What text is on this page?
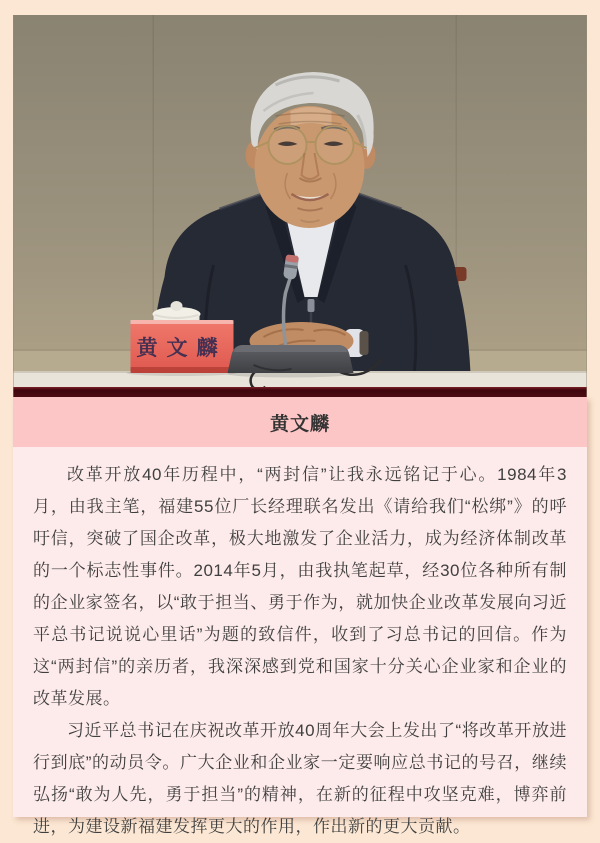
黄文麟
黄文麟

改革开放40年历程中，“两封信”让我永远铭记于心。1984年3月，由我主笔，福建55位厂长经理联名发出《请给我们“松绑”》的呼吁信，突破了国企改革，极大地激发了企业活力，成为经济体制改革的一个标志性事件。2014年5月，由我执笔起草，经30位各种所有制的企业家签名，以“敢于担当、勇于作为，就加快企业改革发展向习近平总书记说说心里话”为题的致信件，收到了习总书记的回信。作为这“两封信”的亲历者，我深深感到党和国家十分关心企业家和企业的改革发展。

习近平总书记在庆祝改革开放40周年大会上发出了“将改革开放进行到底”的动员令。广大企业和企业家一定要响应总书记的号召，继续弘扬“敢为人先，勇于担当”的精神，在新的征程中攻坚克难，博弈前进，为建设新福建发挥更大的作用，作出新的更大贡献。
